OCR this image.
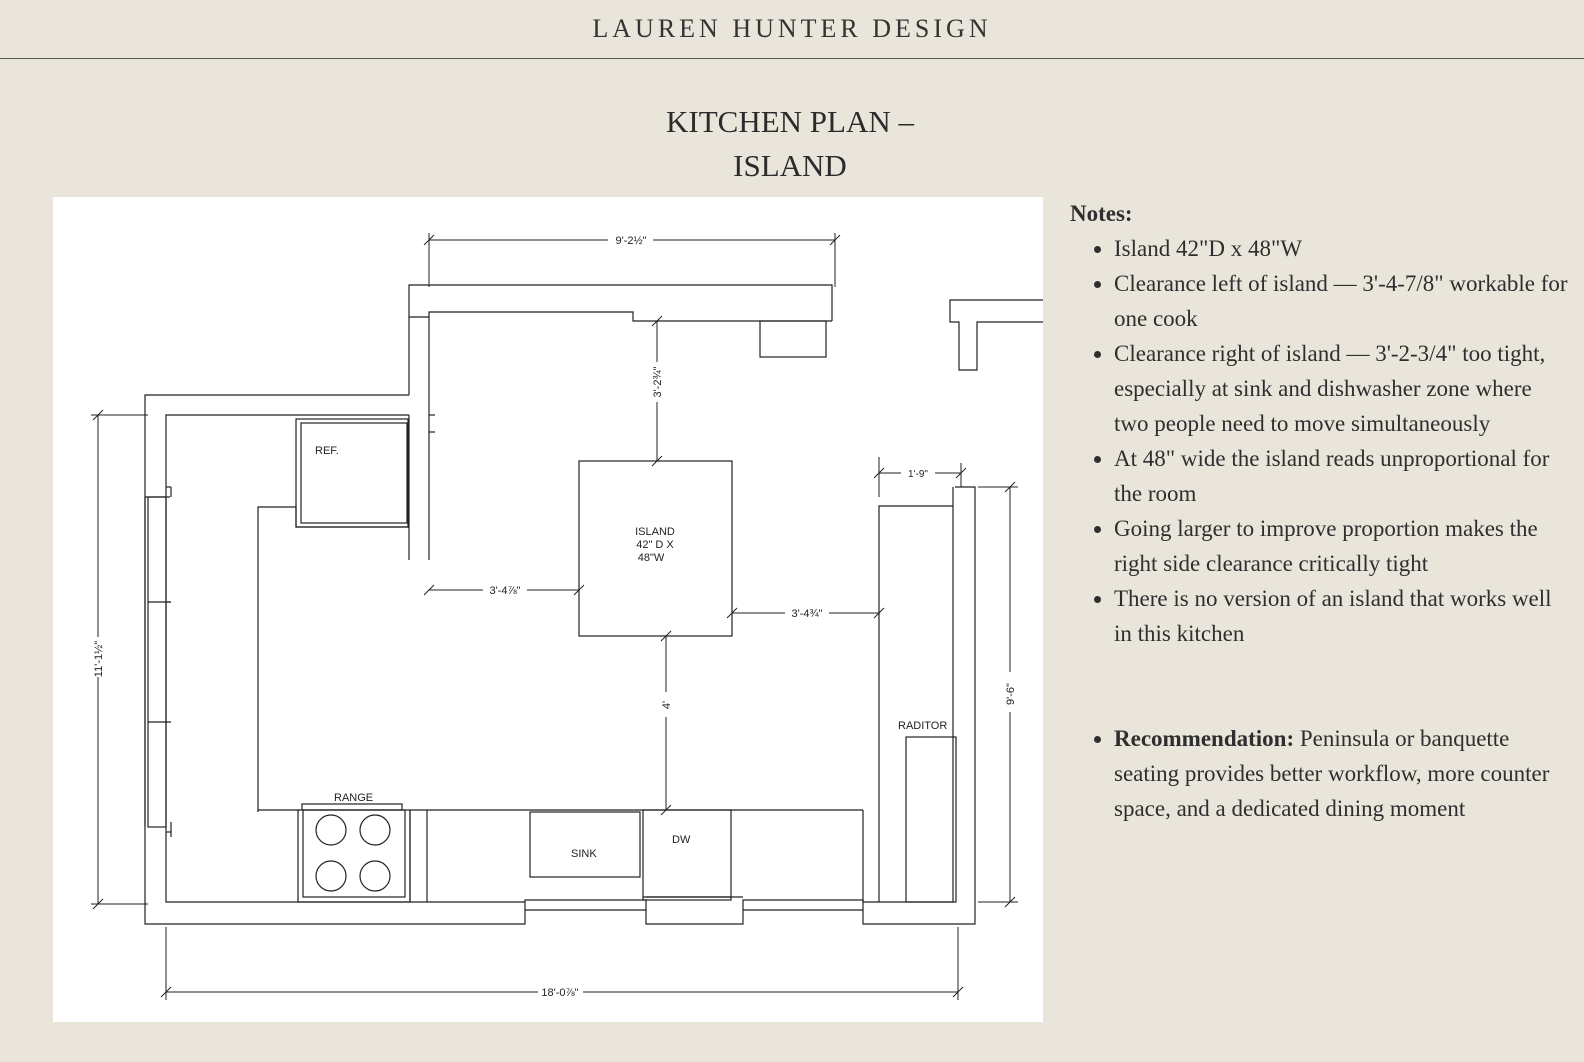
LAUREN HUNTER DESIGN
KITCHEN PLAN –
ISLAND
REF.
RANGE
SINK
DW
RADITOR
ISLAND
42" D X
48"W
9'-2½"
3'-2¾"
3'-4⅞"
3'-4¾"
4'
11'-1½"
9'-6"
1'-9"
18'-0⅞"
Notes:
• Island 42"D x 48"W
• Clearance left of island — 3'-4-7/8" workable for one cook
• Clearance right of island — 3'-2-3/4" too tight, especially at sink and dishwasher zone where two people need to move simultaneously
• At 48" wide the island reads unproportional for the room
• Going larger to improve proportion makes the right side clearance critically tight
• There is no version of an island that works well in this kitchen
• Recommendation: Peninsula or banquette seating provides better workflow, more counter space, and a dedicated dining moment
